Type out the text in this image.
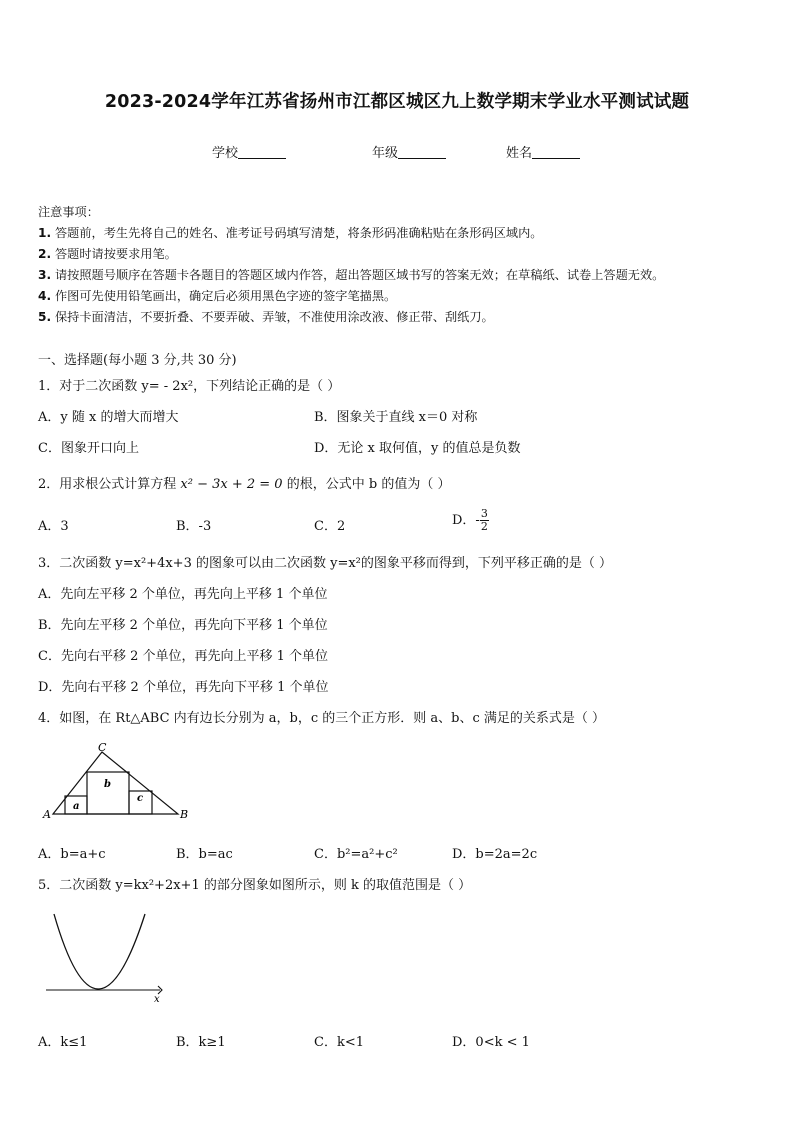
2023-2024学年江苏省扬州市江都区城区九上数学期末学业水平测试试题
学校	年级	姓名
注意事项：
1. 答题前，考生先将自己的姓名、准考证号码填写清楚，将条形码准确粘贴在条形码区域内。
2. 答题时请按要求用笔。
3. 请按照题号顺序在答题卡各题目的答题区域内作答，超出答题区域书写的答案无效；在草稿纸、试卷上答题无效。
4. 作图可先使用铅笔画出，确定后必须用黑色字迹的签字笔描黑。
5. 保持卡面清洁，不要折叠、不要弄破、弄皱，不准使用涂改液、修正带、刮纸刀。
一、选择题(每小题 3 分,共 30 分)
1．对于二次函数 y= - 2x²，下列结论正确的是（ ）
A．y 随 x 的增大而增大	B．图象关于直线 x＝0 对称
C．图象开口向上	D．无论 x 取何值，y 的值总是负数
2．用求根公式计算方程 x² − 3x + 2 = 0 的根，公式中 b 的值为（ ）
A．3	B．-3	C．2	D．- $\frac{3}{2}$
3．二次函数 y=x²+4x+3 的图象可以由二次函数 y=x²的图象平移而得到，下列平移正确的是（ ）
A．先向左平移 2 个单位，再先向上平移 1 个单位
B．先向左平移 2 个单位，再先向下平移 1 个单位
C．先向右平移 2 个单位，再先向上平移 1 个单位
D．先向右平移 2 个单位，再先向下平移 1 个单位
4．如图，在 Rt△ABC 内有边长分别为 a，b，c 的三个正方形．则 a、b、c 满足的关系式是（ ）
C
A	B
a
b
c
A．b=a+c	B．b=ac	C．b²=a²+c²	D．b=2a=2c
5．二次函数 y=kx²+2x+1 的部分图象如图所示，则 k 的取值范围是（ ）
x
A．k≤1	B．k≥1	C．k<1	D．0<k < 1
